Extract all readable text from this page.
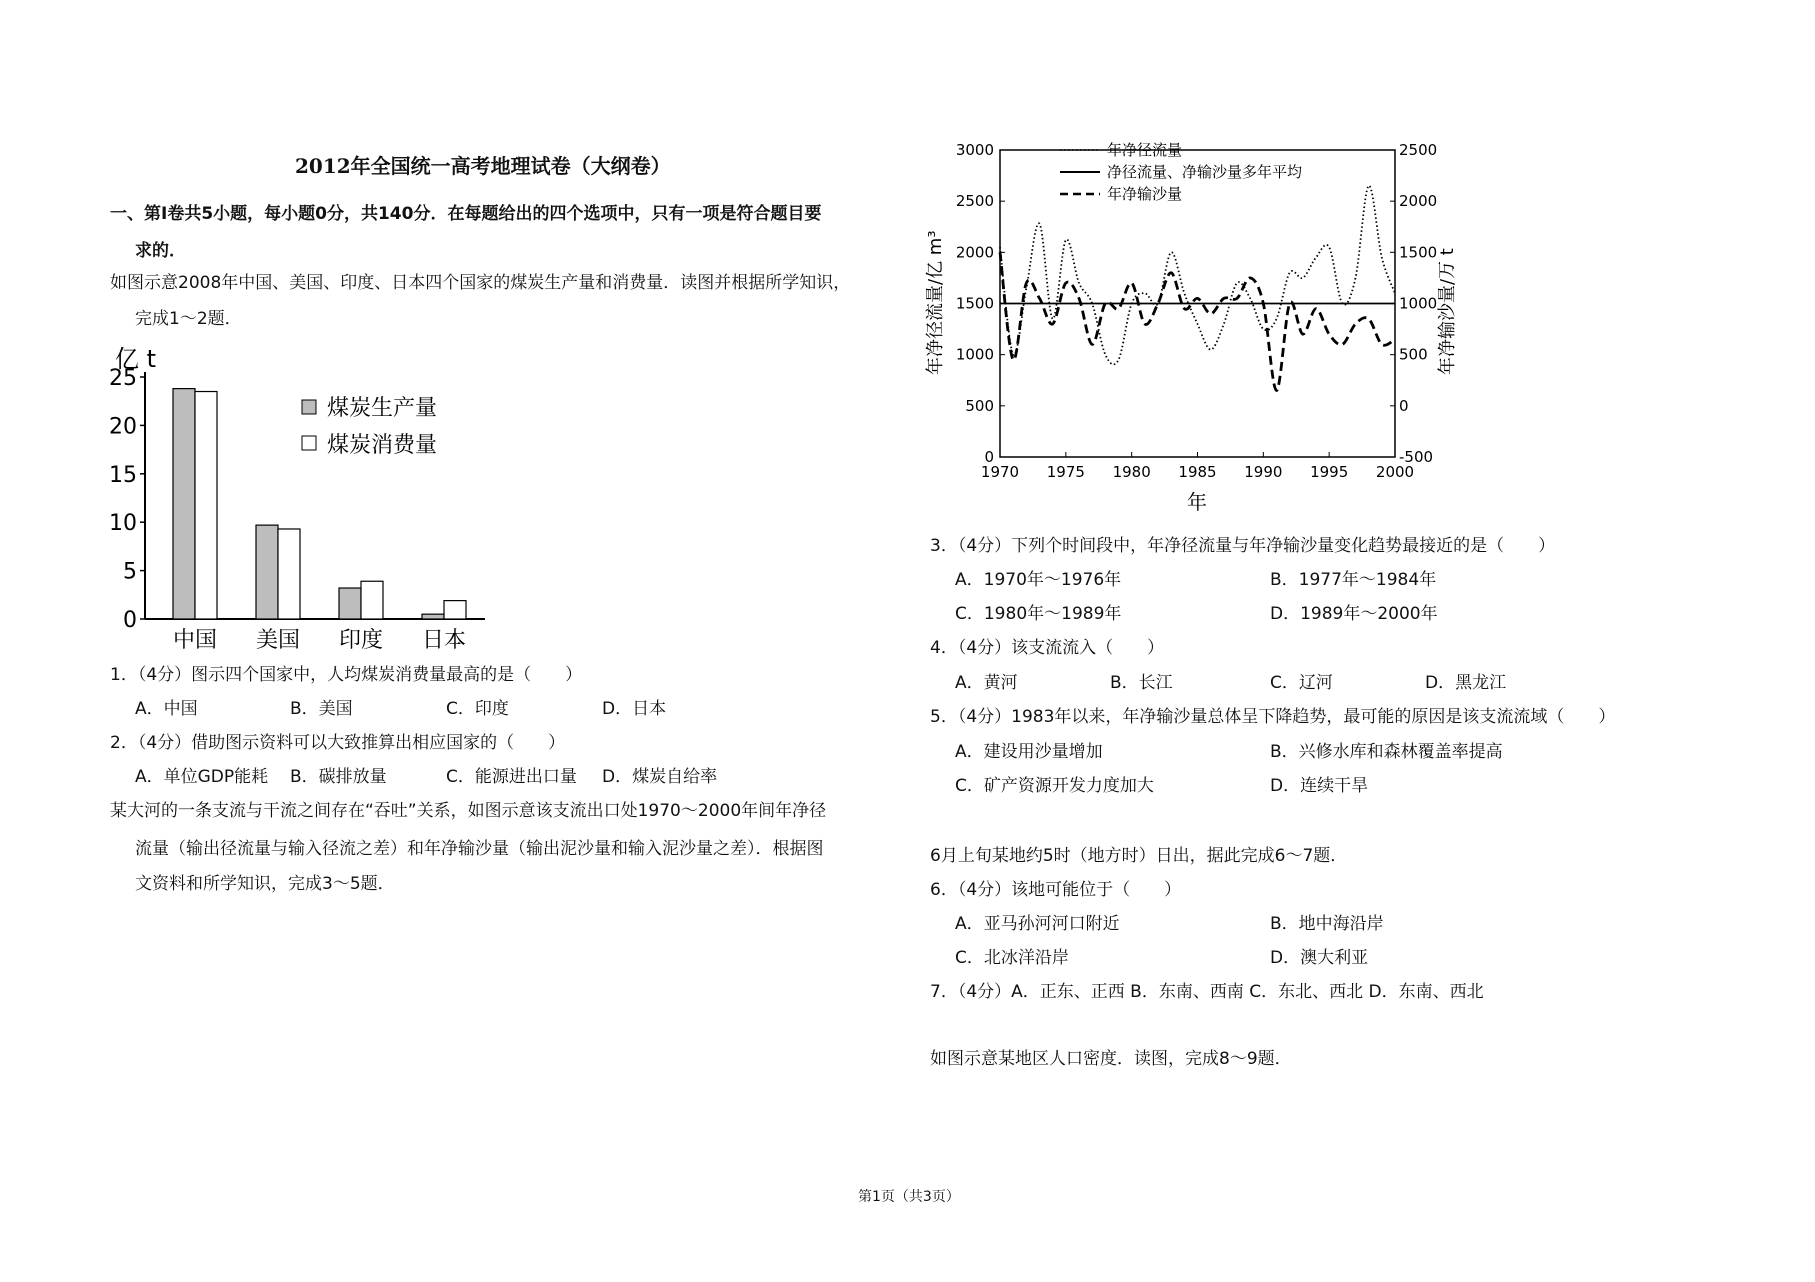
2012年全国统一高考地理试卷（大纲卷）
一、第Ⅰ卷共5小题，每小题0分，共140分．在每题给出的四个选项中，只有一项是符合题目要
求的．
如图示意2008年中国、美国、印度、日本四个国家的煤炭生产量和消费量．读图并根据所学知识，
完成1～2题．
亿 t
25
20
15
10
5
0
中国 美国 印度 日本
煤炭生产量
煤炭消费量
1．（4分）图示四个国家中，人均煤炭消费量最高的是（　　）
A．中国	B．美国	C．印度	D．日本
2．（4分）借助图示资料可以大致推算出相应国家的（　　）
A．单位GDP能耗 B．碳排放量	C．能源进出口量 D．煤炭自给率
某大河的一条支流与干流之间存在“吞吐”关系，如图示意该支流出口处1970～2000年间年净径
流量（输出径流量与输入径流之差）和年净输沙量（输出泥沙量和输入泥沙量之差）．根据图
文资料和所学知识，完成3～5题．
3000
2500
2000
1500
1000
500
0
2500
2000
1500
1000
500
0
-500
1970 1975 1980 1985 1990 1995 2000
年净径流量
净径流量、净输沙量多年平均
年净输沙量
年净径流量/亿 m³	年净输沙量/万 t
年
3．（4分）下列个时间段中，年净径流量与年净输沙量变化趋势最接近的是（　　）
A．1970年～1976年	B．1977年～1984年
C．1980年～1989年	D．1989年～2000年
4．（4分）该支流流入（　　）
A．黄河	B．长江	C．辽河	D．黑龙江
5．（4分）1983年以来，年净输沙量总体呈下降趋势，最可能的原因是该支流流域（　　）
A．建设用沙量增加	B．兴修水库和森林覆盖率提高
C．矿产资源开发力度加大	D．连续干旱
6月上旬某地约5时（地方时）日出，据此完成6～7题．
6．（4分）该地可能位于（　　）
A．亚马孙河河口附近	B．地中海沿岸
C．北冰洋沿岸	D．澳大利亚
7．（4分）A．正东、正西 B．东南、西南 C．东北、西北 D．东南、西北
如图示意某地区人口密度．读图，完成8～9题．
第1页（共3页）
